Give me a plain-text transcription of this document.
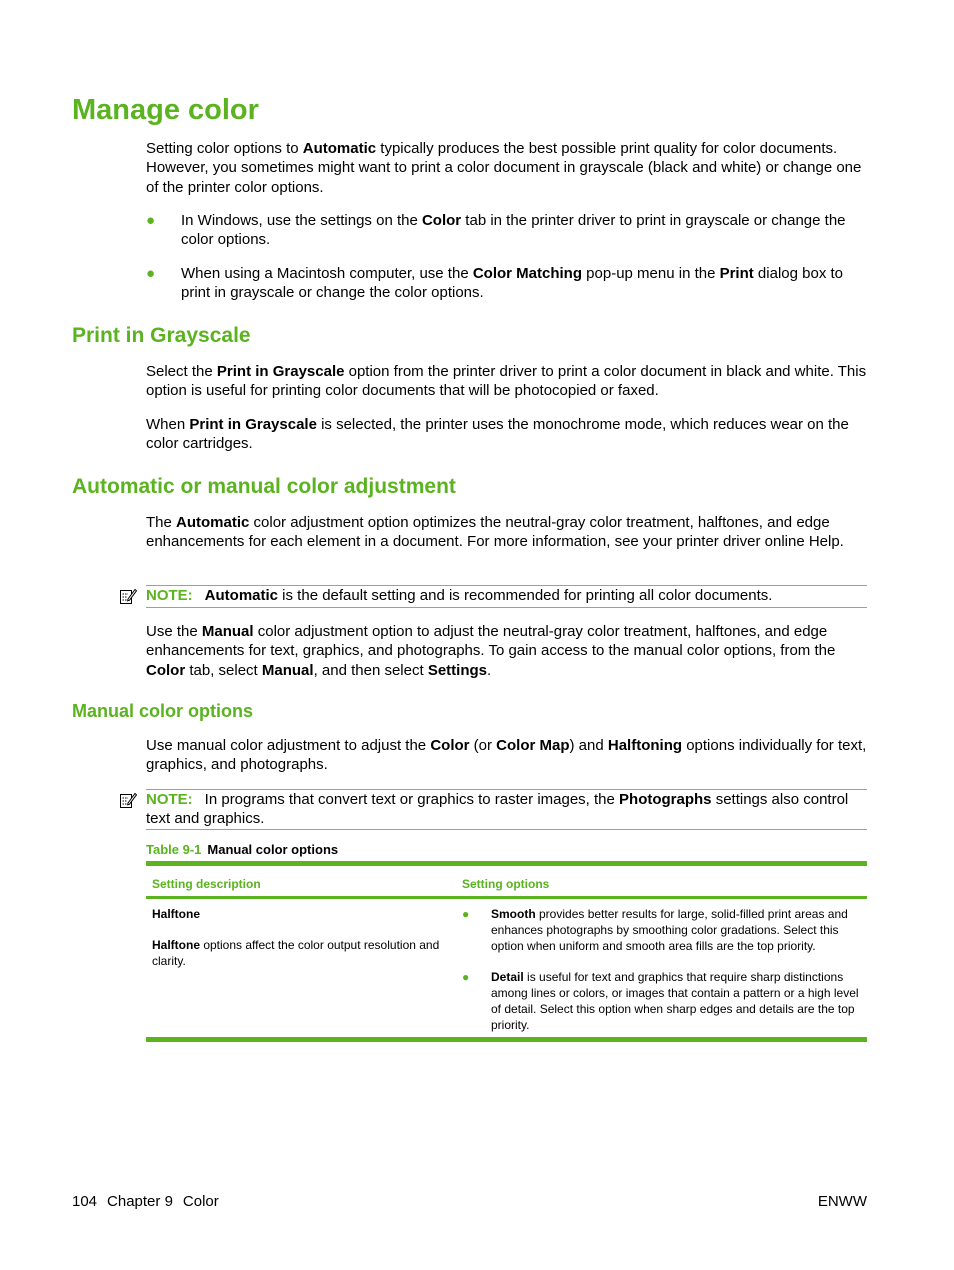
Manage color

Setting color options to Automatic typically produces the best possible print quality for color documents. However, you sometimes might want to print a color document in grayscale (black and white) or change one of the printer color options.

● In Windows, use the settings on the Color tab in the printer driver to print in grayscale or change the color options.
● When using a Macintosh computer, use the Color Matching pop-up menu in the Print dialog box to print in grayscale or change the color options.
Print in Grayscale

Select the Print in Grayscale option from the printer driver to print a color document in black and white. This option is useful for printing color documents that will be photocopied or faxed.

When Print in Grayscale is selected, the printer uses the monochrome mode, which reduces wear on the color cartridges.

Automatic or manual color adjustment

The Automatic color adjustment option optimizes the neutral-gray color treatment, halftones, and edge enhancements for each element in a document. For more information, see your printer driver online Help.

NOTE: Automatic is the default setting and is recommended for printing all color documents.

Use the Manual color adjustment option to adjust the neutral-gray color treatment, halftones, and edge enhancements for text, graphics, and photographs. To gain access to the manual color options, from the Color tab, select Manual, and then select Settings.

Manual color options

Use manual color adjustment to adjust the Color (or Color Map) and Halftoning options individually for text, graphics, and photographs.

NOTE: In programs that convert text or graphics to raster images, the Photographs settings also control text and graphics.
Table 9-1 Manual color options
Setting description	Setting options
Halftone
Halftone options affect the color output resolution and clarity.
● Smooth provides better results for large, solid-filled print areas and enhances photographs by smoothing color gradations. Select this option when uniform and smooth area fills are the top priority.
● Detail is useful for text and graphics that require sharp distinctions among lines or colors, or images that contain a pattern or a high level of detail. Select this option when sharp edges and details are the top priority.
104 Chapter 9 Color	ENWW
